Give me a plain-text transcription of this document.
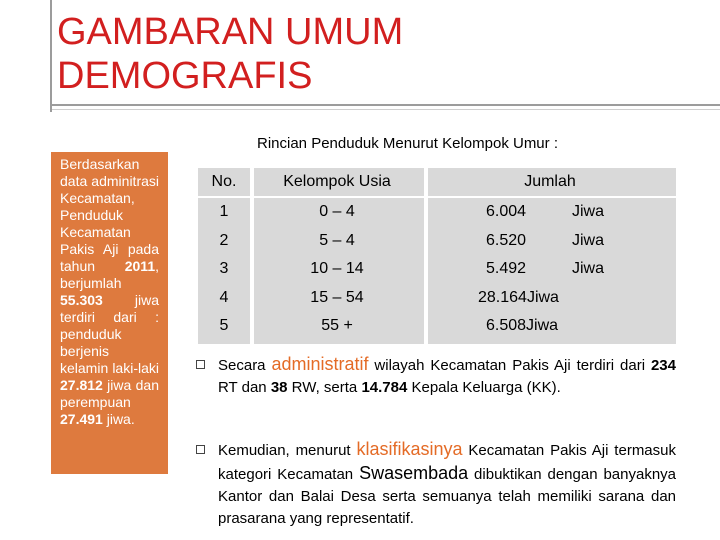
GAMBARAN UMUM
DEMOGRAFIS

Berdasarkan data adminitrasi Kecamatan, Penduduk Kecamatan Pakis Aji pada tahun 2011, berjumlah 55.303 jiwa terdiri dari : penduduk berjenis kelamin laki-laki 27.812 jiwa dan perempuan 27.491 jiwa.

Rincian Penduduk Menurut Kelompok Umur :

No.	Kelompok Usia	Jumlah
1	0 – 4	6.004 Jiwa
2	5 – 4	6.520 Jiwa
3	10 – 14	5.492 Jiwa
4	15 – 54	28.164Jiwa
5	55 +	6.508Jiwa

Secara administratif wilayah Kecamatan Pakis Aji terdiri dari 234 RT dan 38 RW, serta 14.784 Kepala Keluarga (KK).

Kemudian, menurut klasifikasinya Kecamatan Pakis Aji termasuk kategori Kecamatan Swasembada dibuktikan dengan banyaknya Kantor dan Balai Desa serta semuanya telah memiliki sarana dan prasarana yang representatif.
